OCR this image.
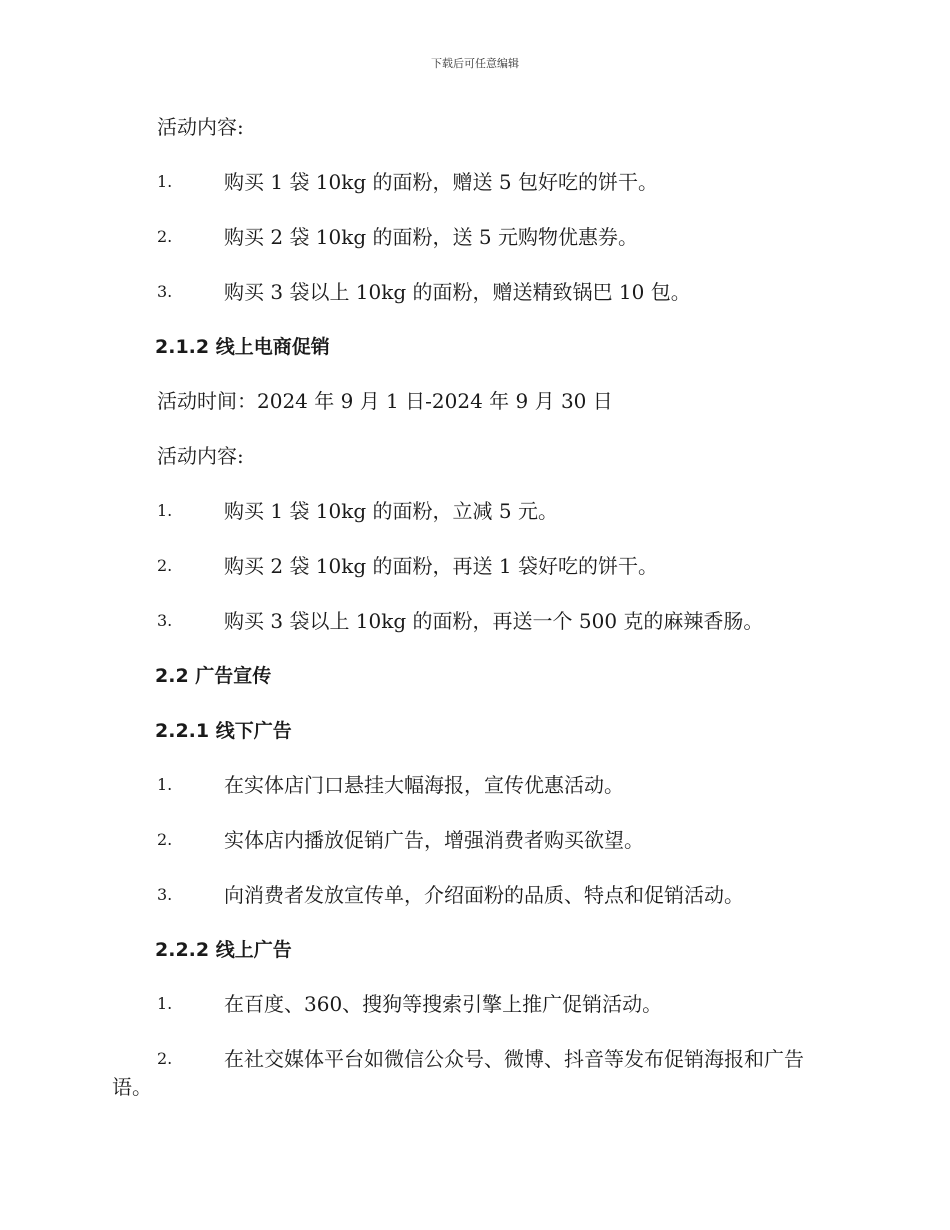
下载后可任意编辑
活动内容:
1.	购买 1 袋 10kg 的面粉，赠送 5 包好吃的饼干。
2.	购买 2 袋 10kg 的面粉，送 5 元购物优惠券。
3.	购买 3 袋以上 10kg 的面粉，赠送精致锅巴 10 包。
2.1.2 线上电商促销
活动时间：2024 年 9 月 1 日-2024 年 9 月 30 日
活动内容:
1.	购买 1 袋 10kg 的面粉，立减 5 元。
2.	购买 2 袋 10kg 的面粉，再送 1 袋好吃的饼干。
3.	购买 3 袋以上 10kg 的面粉，再送一个 500 克的麻辣香肠。
2.2 广告宣传
2.2.1 线下广告
1.	在实体店门口悬挂大幅海报，宣传优惠活动。
2.	实体店内播放促销广告，增强消费者购买欲望。
3.	向消费者发放宣传单，介绍面粉的品质、特点和促销活动。
2.2.2 线上广告
1.	在百度、360、搜狗等搜索引擎上推广促销活动。
2.	在社交媒体平台如微信公众号、微博、抖音等发布促销海报和广告语。
